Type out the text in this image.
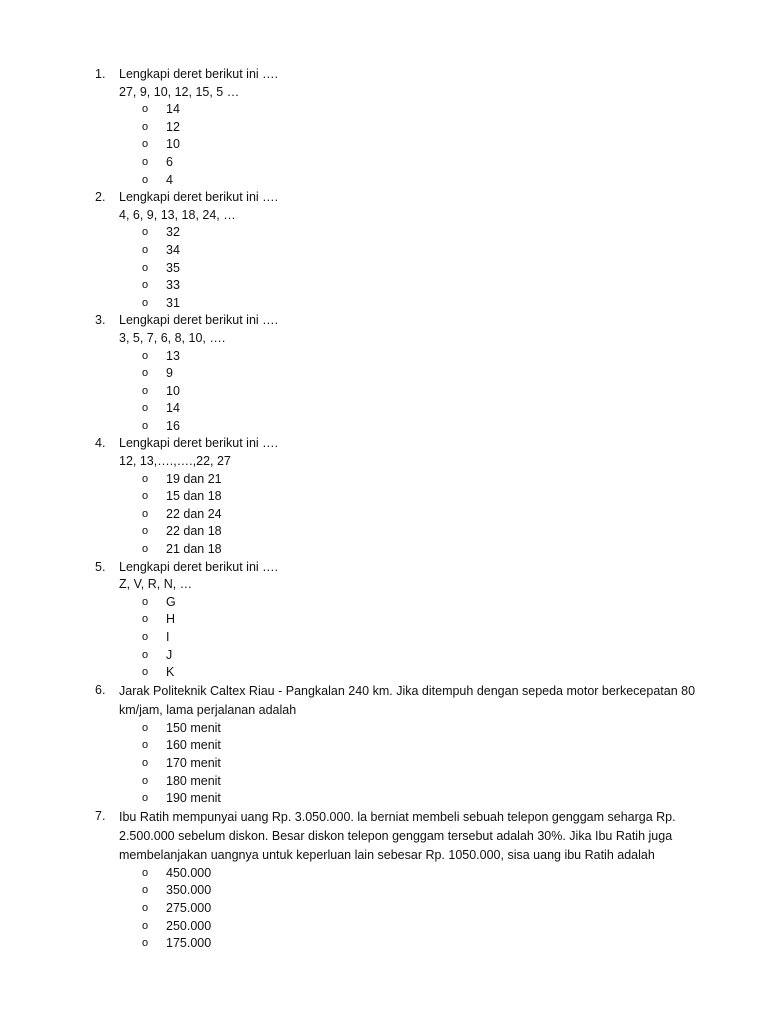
1. Lengkapi deret berikut ini ….
27, 9, 10, 12, 15, 5 …
o 14
o 12
o 10
o 6
o 4
2. Lengkapi deret berikut ini ….
4, 6, 9, 13, 18, 24, …
o 32
o 34
o 35
o 33
o 31
3. Lengkapi deret berikut ini ….
3, 5, 7, 6, 8, 10, ….
o 13
o 9
o 10
o 14
o 16
4. Lengkapi deret berikut ini ….
12, 13,….,….,22, 27
o 19 dan 21
o 15 dan 18
o 22 dan 24
o 22 dan 18
o 21 dan 18
5. Lengkapi deret berikut ini ….
Z, V, R, N, …
o G
o H
o I
o J
o K
6. Jarak Politeknik Caltex Riau - Pangkalan 240 km. Jika ditempuh dengan sepeda motor berkecepatan 80 km/jam, lama perjalanan adalah
o 150 menit
o 160 menit
o 170 menit
o 180 menit
o 190 menit
7. Ibu Ratih mempunyai uang Rp. 3.050.000. la berniat membeli sebuah telepon genggam seharga Rp. 2.500.000 sebelum diskon. Besar diskon telepon genggam tersebut adalah 30%. Jika Ibu Ratih juga membelanjakan uangnya untuk keperluan lain sebesar Rp. 1050.000, sisa uang ibu Ratih adalah
o 450.000
o 350.000
o 275.000
o 250.000
o 175.000
